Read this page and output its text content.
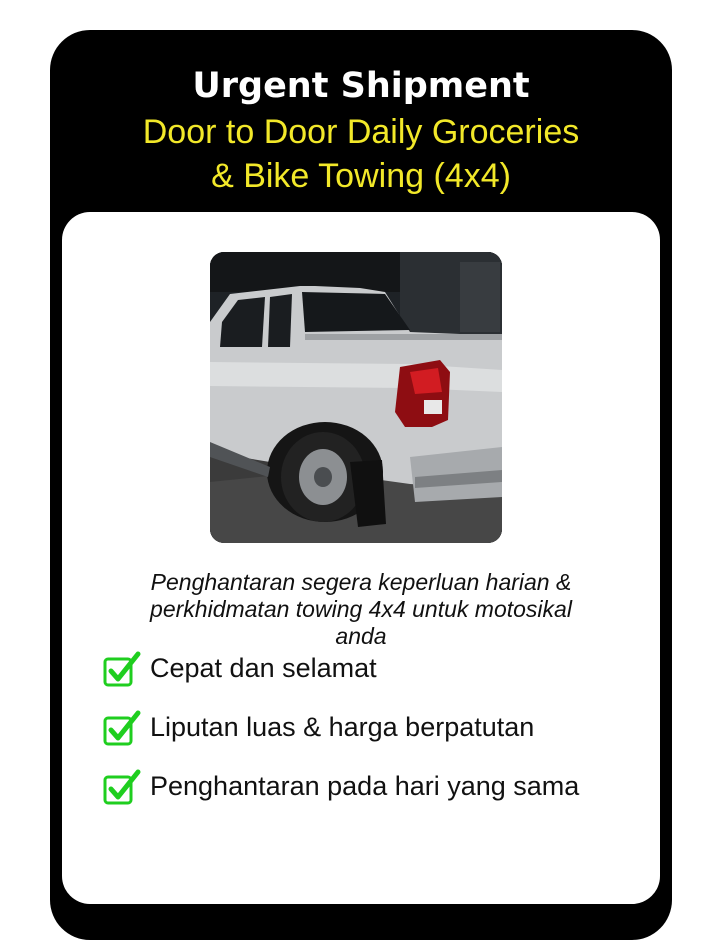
Urgent Shipment
Door to Door Daily Groceries
& Bike Towing (4x4)
Penghantaran segera keperluan harian &
perkhidmatan towing 4x4 untuk motosikal
anda
Cepat dan selamat
Liputan luas & harga berpatutan
Penghantaran pada hari yang sama
